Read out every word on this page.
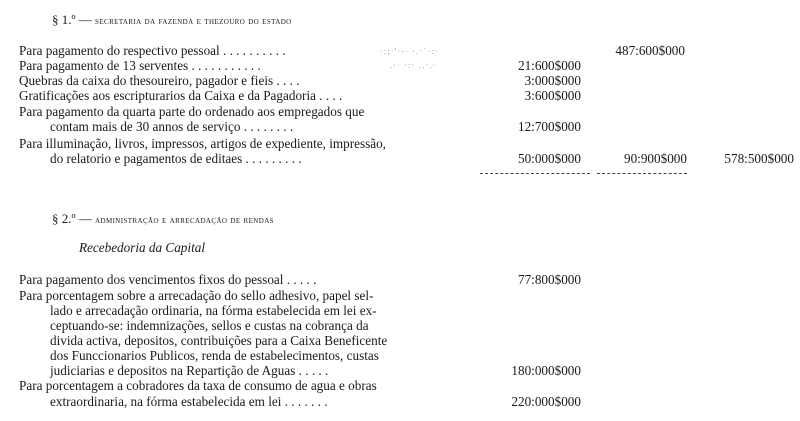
§ 1.º — secretaria da fazenda e thezouro do estado
Para pagamento do respectivo pessoal . . . . . . . . . .
Para pagamento de 13 serventes . . . . . . . . . . .
Quebras da caixa do thesoureiro, pagador e fieis . . . .
Gratificações aos escripturarios da Caixa e da Pagadoria . . . .
Para pagamento da quarta parte do ordenado aos empregados que
contam mais de 30 annos de serviço . . . . . . . .
Para illuminação, livros, impressos, artigos de expediente, impressão,
do relatorio e pagamentos de editaes . . . . . . . . .
·:;·'·-· ·.·`·:·
.·· ·:· ..·.·
487:600$000
21:600$000
3:000$000
3:600$000
12:700$000
50:000$000	90:900$000	578:500$000
§ 2.º — administração e arrecadação de rendas
Recebedoria da Capital
Para pagamento dos vencimentos fixos do pessoal . . . . .
Para porcentagem sobre a arrecadação do sello adhesivo, papel sel-
lado e arrecadação ordinaria, na fórma estabelecida em lei ex-
ceptuando-se: indemnizações, sellos e custas na cobrança da
divida activa, depositos, contribuições para a Caixa Beneficente
dos Funccionarios Publicos, renda de estabelecimentos, custas
judiciarias e depositos na Repartição de Aguas . . . . .
Para porcentagem a cobradores da taxa de consumo de agua e obras
extraordinaria, na fórma estabelecida em lei . . . . . . .
77:800$000
180:000$000
220:000$000
